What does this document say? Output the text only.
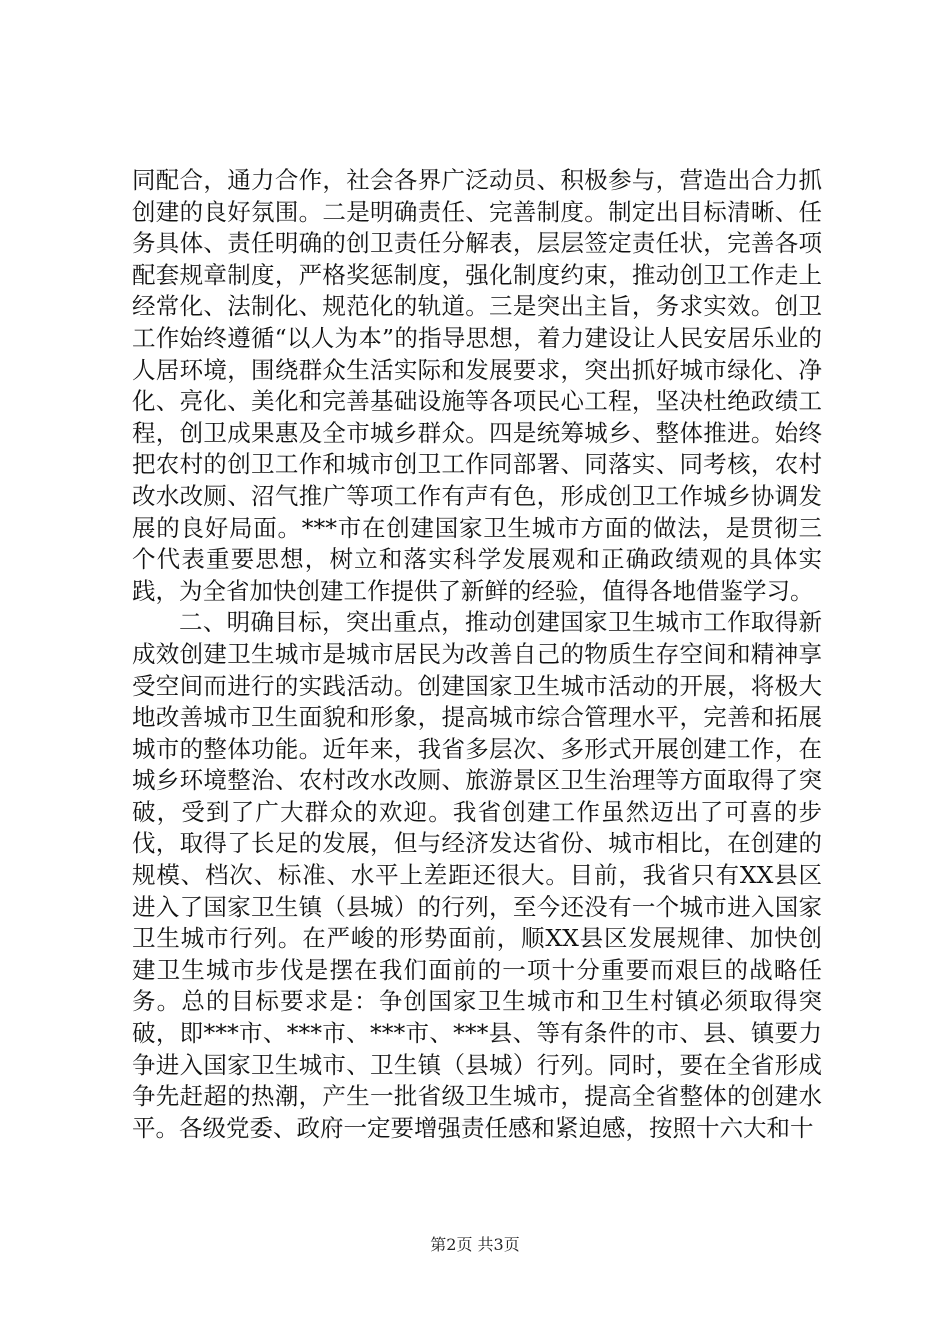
同配合，通力合作，社会各界广泛动员、积极参与，营造出合力抓创建的良好氛围。二是明确责任、完善制度。制定出目标清晰、任务具体、责任明确的创卫责任分解表，层层签定责任状，完善各项配套规章制度，严格奖惩制度，强化制度约束，推动创卫工作走上经常化、法制化、规范化的轨道。三是突出主旨，务求实效。创卫工作始终遵循“以人为本”的指导思想，着力建设让人民安居乐业的人居环境，围绕群众生活实际和发展要求，突出抓好城市绿化、净化、亮化、美化和完善基础设施等各项民心工程，坚决杜绝政绩工程，创卫成果惠及全市城乡群众。四是统筹城乡、整体推进。始终把农村的创卫工作和城市创卫工作同部署、同落实、同考核，农村改水改厕、沼气推广等项工作有声有色，形成创卫工作城乡协调发展的良好局面。***市在创建国家卫生城市方面的做法，是贯彻三个代表重要思想，树立和落实科学发展观和正确政绩观的具体实践，为全省加快创建工作提供了新鲜的经验，值得各地借鉴学习。

二、明确目标，突出重点，推动创建国家卫生城市工作取得新成效创建卫生城市是城市居民为改善自己的物质生存空间和精神享受空间而进行的实践活动。创建国家卫生城市活动的开展，将极大地改善城市卫生面貌和形象，提高城市综合管理水平，完善和拓展城市的整体功能。近年来，我省多层次、多形式开展创建工作，在城乡环境整治、农村改水改厕、旅游景区卫生治理等方面取得了突破，受到了广大群众的欢迎。我省创建工作虽然迈出了可喜的步伐，取得了长足的发展，但与经济发达省份、城市相比，在创建的规模、档次、标准、水平上差距还很大。目前，我省只有XX县区进入了国家卫生镇（县城）的行列，至今还没有一个城市进入国家卫生城市行列。在严峻的形势面前，顺XX县区发展规律、加快创建卫生城市步伐是摆在我们面前的一项十分重要而艰巨的战略任务。总的目标要求是：争创国家卫生城市和卫生村镇必须取得突破，即***市、***市、***市、***县、等有条件的市、县、镇要力争进入国家卫生城市、卫生镇（县城）行列。同时，要在全省形成争先赶超的热潮，产生一批省级卫生城市，提高全省整体的创建水平。各级党委、政府一定要增强责任感和紧迫感，按照十六大和十

第2页 共3页
